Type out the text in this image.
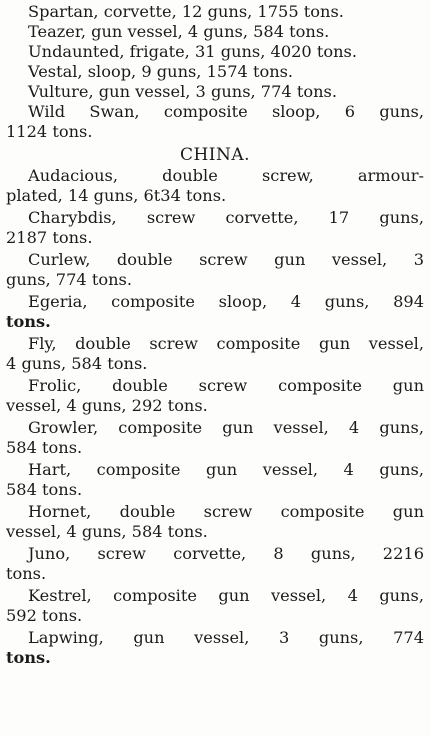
Spartan, corvette, 12 guns, 1755 tons.
Teazer, gun vessel, 4 guns, 584 tons.
Undaunted, frigate, 31 guns, 4020 tons.
Vestal, sloop, 9 guns, 1574 tons.
Vulture, gun vessel, 3 guns, 774 tons.
Wild Swan, composite sloop, 6 guns,
1124 tons.
CHINA.
Audacious, double screw, armour-
plated, 14 guns, 6t34 tons.
Charybdis, screw corvette, 17 guns,
2187 tons.
Curlew, double screw gun vessel, 3
guns, 774 tons.
Egeria, composite sloop, 4 guns, 894
tons.
Fly, double screw composite gun vessel,
4 guns, 584 tons.
Frolic, double screw composite gun
vessel, 4 guns, 292 tons.
Growler, composite gun vessel, 4 guns,
584 tons.
Hart, composite gun vessel, 4 guns,
584 tons.
Hornet, double screw composite gun
vessel, 4 guns, 584 tons.
Juno, screw corvette, 8 guns, 2216
tons.
Kestrel, composite gun vessel, 4 guns,
592 tons.
Lapwing, gun vessel, 3 guns, 774
tons.
